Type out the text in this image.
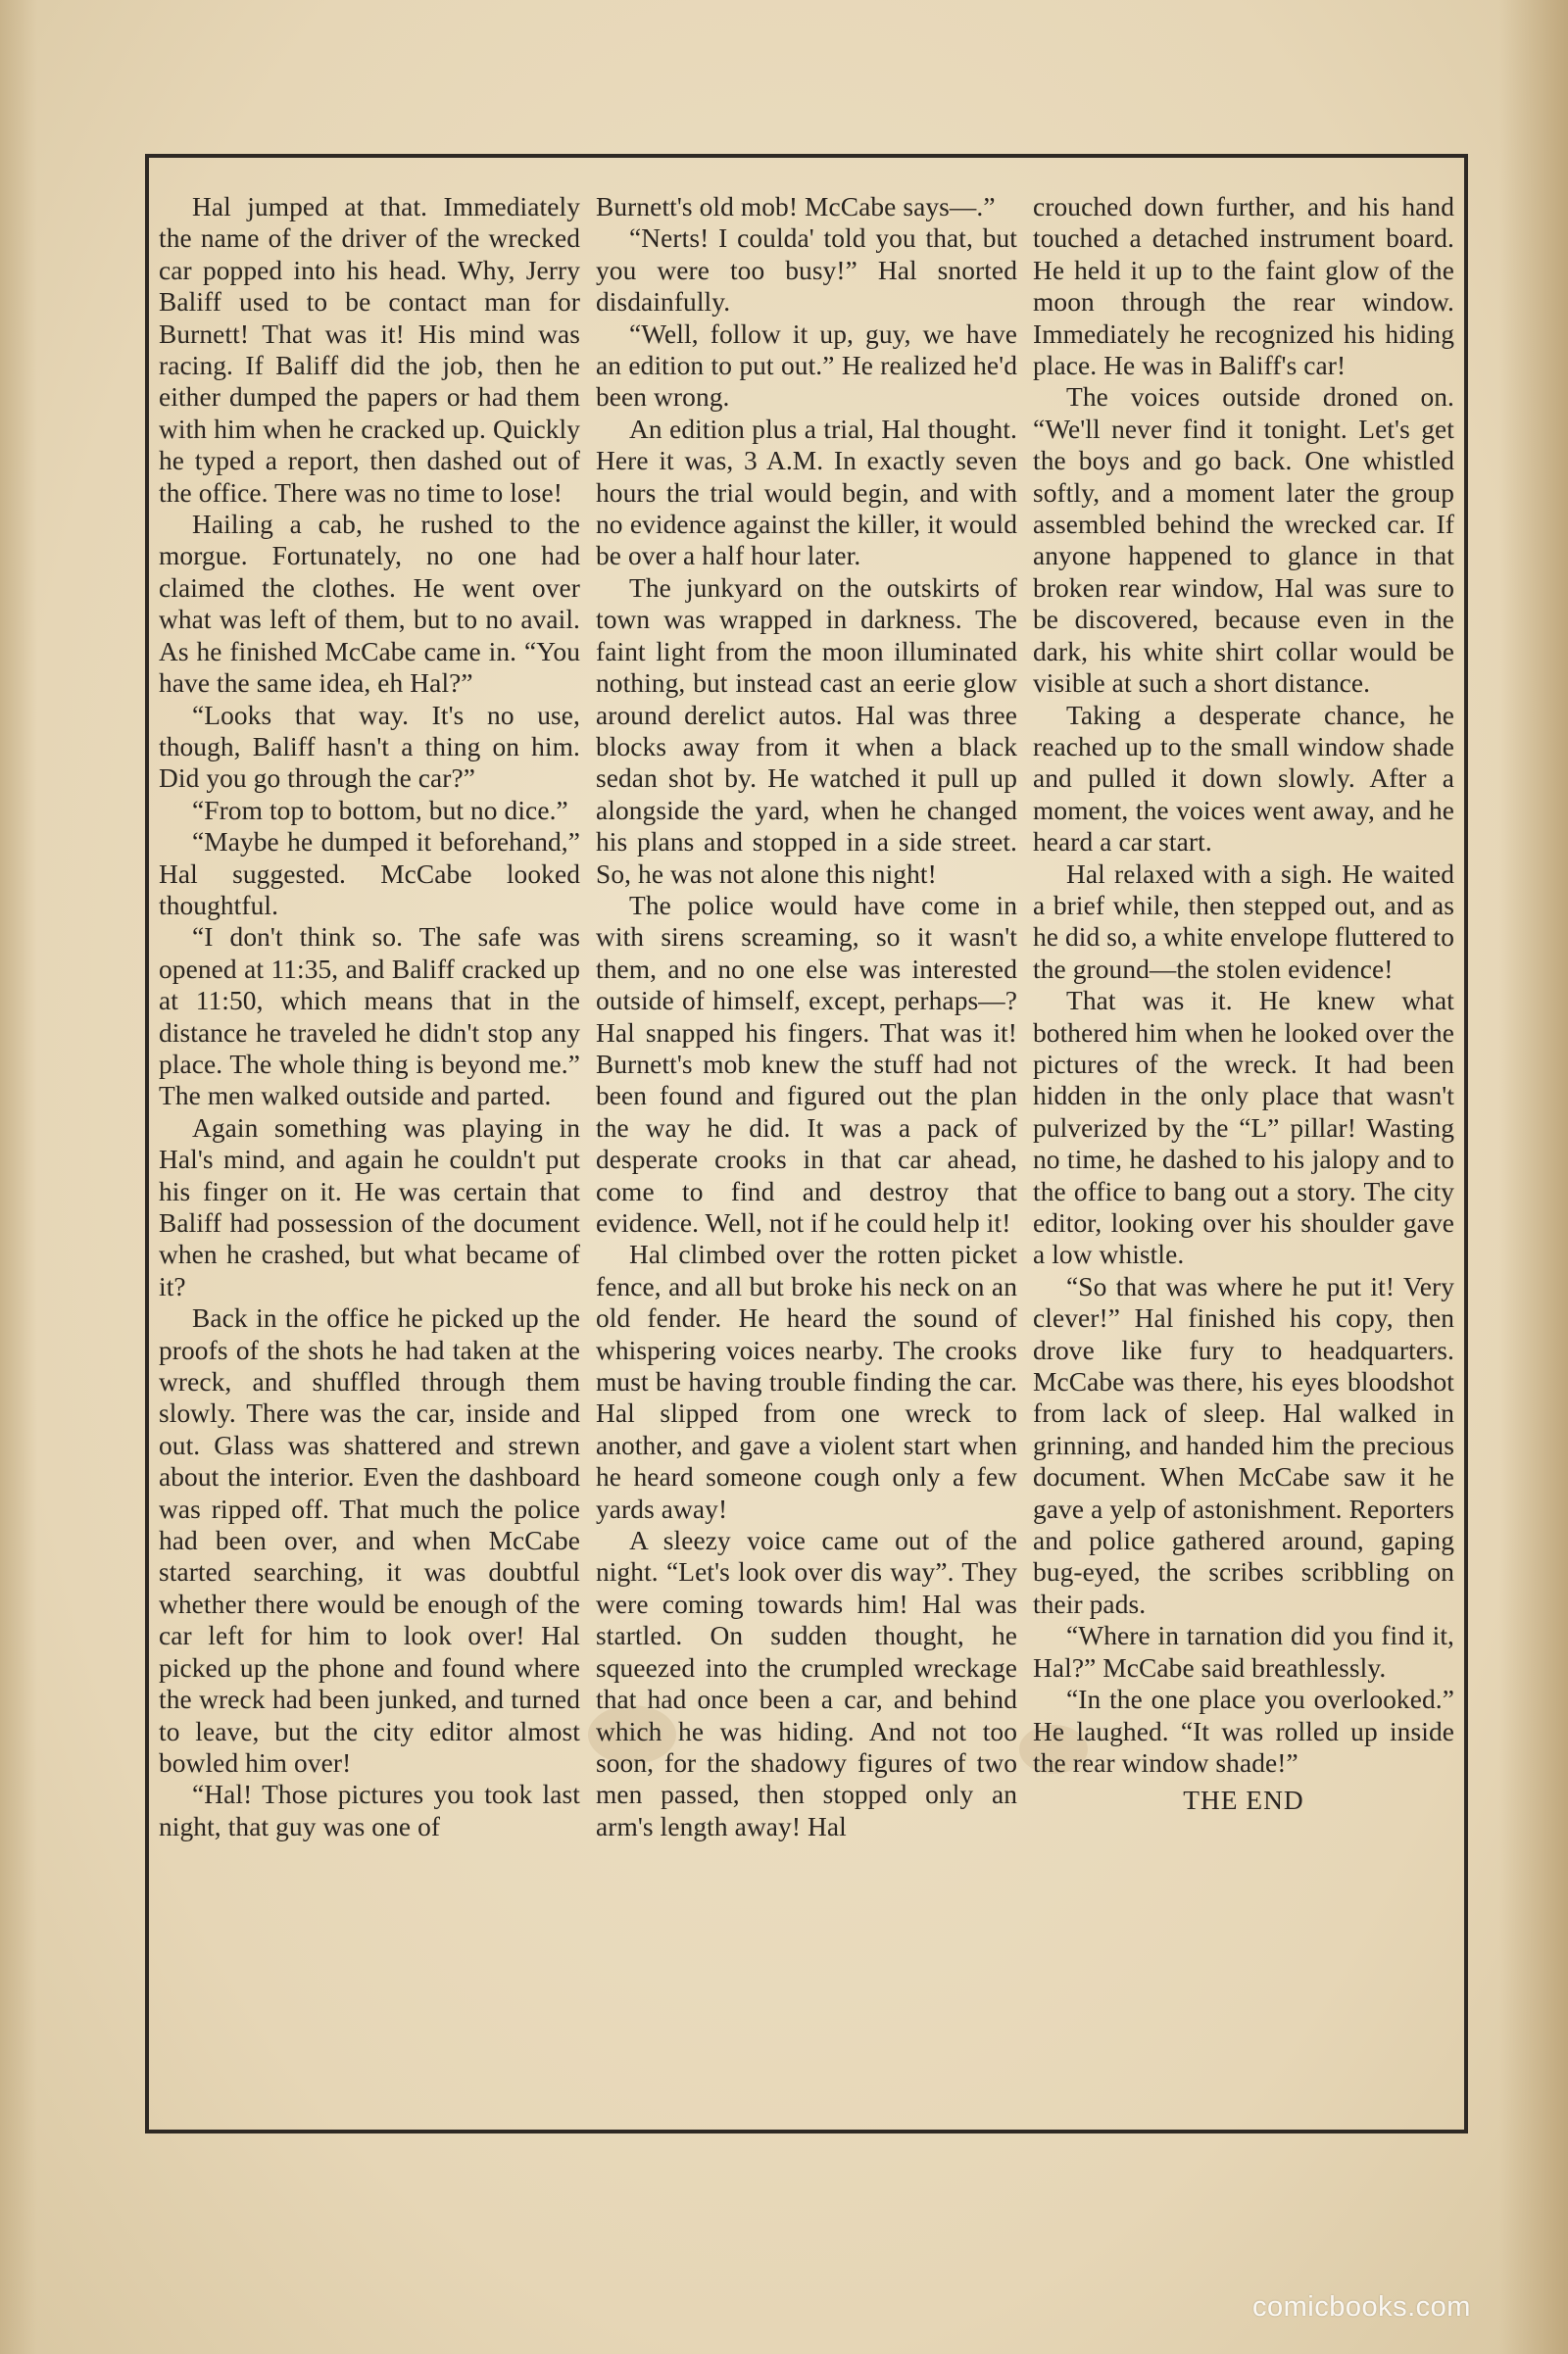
Hal jumped at that. Immediately the name of the driver of the wrecked car popped into his head. Why, Jerry Baliff used to be contact man for Burnett! That was it! His mind was racing. If Baliff did the job, then he either dumped the papers or had them with him when he cracked up. Quickly he typed a report, then dashed out of the office. There was no time to lose!

Hailing a cab, he rushed to the morgue. Fortunately, no one had claimed the clothes. He went over what was left of them, but to no avail. As he finished McCabe came in. “You have the same idea, eh Hal?”

“Looks that way. It's no use, though, Baliff hasn't a thing on him. Did you go through the car?”

“From top to bottom, but no dice.”

“Maybe he dumped it beforehand,” Hal suggested. McCabe looked thoughtful.

“I don't think so. The safe was opened at 11:35, and Baliff cracked up at 11:50, which means that in the distance he traveled he didn't stop any place. The whole thing is beyond me.” The men walked outside and parted.

Again something was playing in Hal's mind, and again he couldn't put his finger on it. He was certain that Baliff had possession of the document when he crashed, but what became of it?

Back in the office he picked up the proofs of the shots he had taken at the wreck, and shuffled through them slowly. There was the car, inside and out. Glass was shattered and strewn about the interior. Even the dashboard was ripped off. That much the police had been over, and when McCabe started searching, it was doubtful whether there would be enough of the car left for him to look over! Hal picked up the phone and found where the wreck had been junked, and turned to leave, but the city editor almost bowled him over!

“Hal! Those pictures you took last night, that guy was one of

Burnett's old mob! McCabe says—.”

“Nerts! I coulda' told you that, but you were too busy!” Hal snorted disdainfully.

“Well, follow it up, guy, we have an edition to put out.” He realized he'd been wrong.

An edition plus a trial, Hal thought. Here it was, 3 A.M. In exactly seven hours the trial would begin, and with no evidence against the killer, it would be over a half hour later.

The junkyard on the outskirts of town was wrapped in darkness. The faint light from the moon illuminated nothing, but instead cast an eerie glow around derelict autos. Hal was three blocks away from it when a black sedan shot by. He watched it pull up alongside the yard, when he changed his plans and stopped in a side street. So, he was not alone this night!

The police would have come in with sirens screaming, so it wasn't them, and no one else was interested outside of himself, except, perhaps—? Hal snapped his fingers. That was it! Burnett's mob knew the stuff had not been found and figured out the plan the way he did. It was a pack of desperate crooks in that car ahead, come to find and destroy that evidence. Well, not if he could help it!

Hal climbed over the rotten picket fence, and all but broke his neck on an old fender. He heard the sound of whispering voices nearby. The crooks must be having trouble finding the car. Hal slipped from one wreck to another, and gave a violent start when he heard someone cough only a few yards away!

A sleezy voice came out of the night. “Let's look over dis way”. They were coming towards him! Hal was startled. On sudden thought, he squeezed into the crumpled wreckage that had once been a car, and behind which he was hiding. And not too soon, for the shadowy figures of two men passed, then stopped only an arm's length away! Hal

crouched down further, and his hand touched a detached instrument board. He held it up to the faint glow of the moon through the rear window. Immediately he recognized his hiding place. He was in Baliff's car!

The voices outside droned on. “We'll never find it tonight. Let's get the boys and go back. One whistled softly, and a moment later the group assembled behind the wrecked car. If anyone happened to glance in that broken rear window, Hal was sure to be discovered, because even in the dark, his white shirt collar would be visible at such a short distance.

Taking a desperate chance, he reached up to the small window shade and pulled it down slowly. After a moment, the voices went away, and he heard a car start.

Hal relaxed with a sigh. He waited a brief while, then stepped out, and as he did so, a white envelope fluttered to the ground—the stolen evidence!

That was it. He knew what bothered him when he looked over the pictures of the wreck. It had been hidden in the only place that wasn't pulverized by the “L” pillar! Wasting no time, he dashed to his jalopy and to the office to bang out a story. The city editor, looking over his shoulder gave a low whistle.

“So that was where he put it! Very clever!” Hal finished his copy, then drove like fury to headquarters. McCabe was there, his eyes bloodshot from lack of sleep. Hal walked in grinning, and handed him the precious document. When McCabe saw it he gave a yelp of astonishment. Reporters and police gathered around, gaping bug-eyed, the scribes scribbling on their pads.

“Where in tarnation did you find it, Hal?” McCabe said breathlessly.

“In the one place you overlooked.” He laughed. “It was rolled up inside the rear window shade!”

THE END

comicbooks.com
